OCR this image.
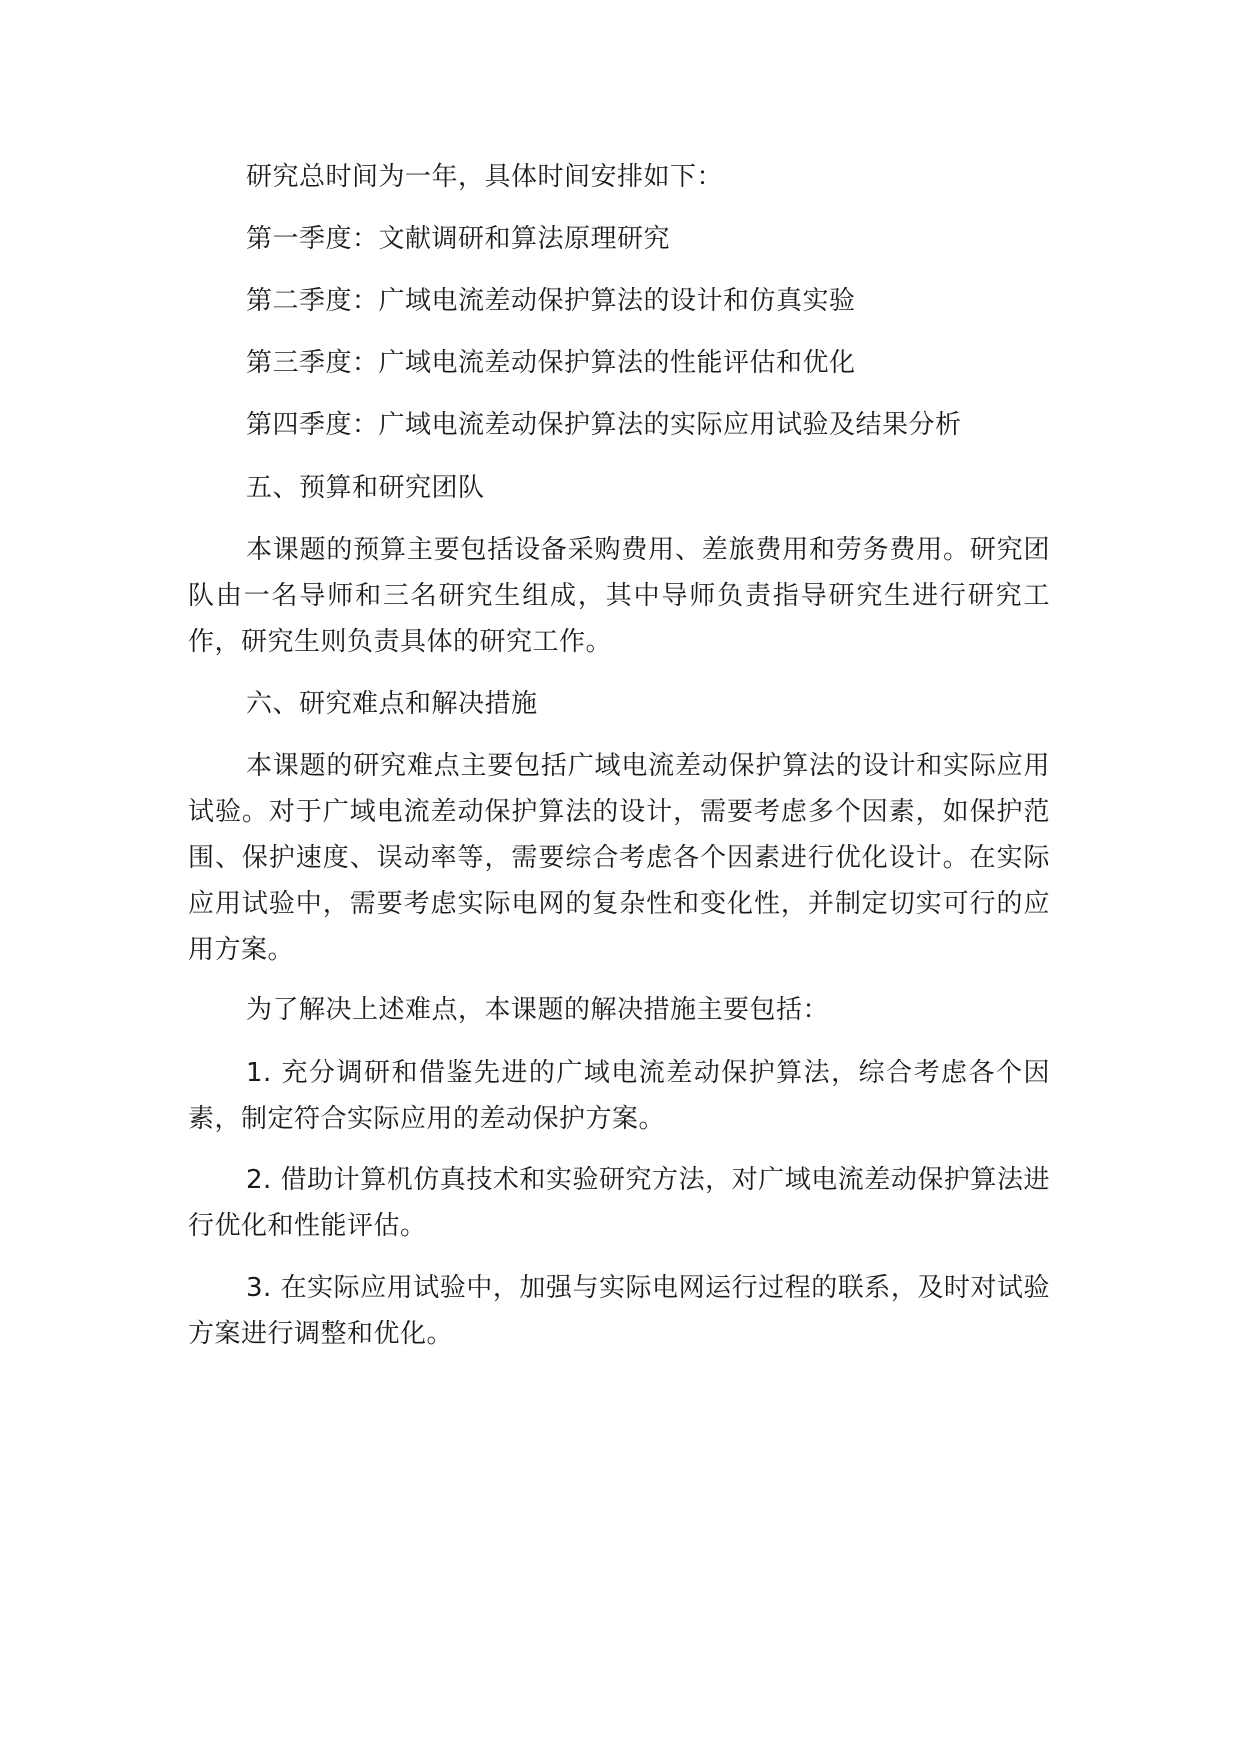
研究总时间为一年，具体时间安排如下：

第一季度：文献调研和算法原理研究

第二季度：广域电流差动保护算法的设计和仿真实验

第三季度：广域电流差动保护算法的性能评估和优化

第四季度：广域电流差动保护算法的实际应用试验及结果分析

五、预算和研究团队

本课题的预算主要包括设备采购费用、差旅费用和劳务费用。研究团队由一名导师和三名研究生组成，其中导师负责指导研究生进行研究工作，研究生则负责具体的研究工作。

六、研究难点和解决措施

本课题的研究难点主要包括广域电流差动保护算法的设计和实际应用试验。对于广域电流差动保护算法的设计，需要考虑多个因素，如保护范围、保护速度、误动率等，需要综合考虑各个因素进行优化设计。在实际应用试验中，需要考虑实际电网的复杂性和变化性，并制定切实可行的应用方案。

为了解决上述难点，本课题的解决措施主要包括：

1. 充分调研和借鉴先进的广域电流差动保护算法，综合考虑各个因素，制定符合实际应用的差动保护方案。

2. 借助计算机仿真技术和实验研究方法，对广域电流差动保护算法进行优化和性能评估。

3. 在实际应用试验中，加强与实际电网运行过程的联系，及时对试验方案进行调整和优化。
